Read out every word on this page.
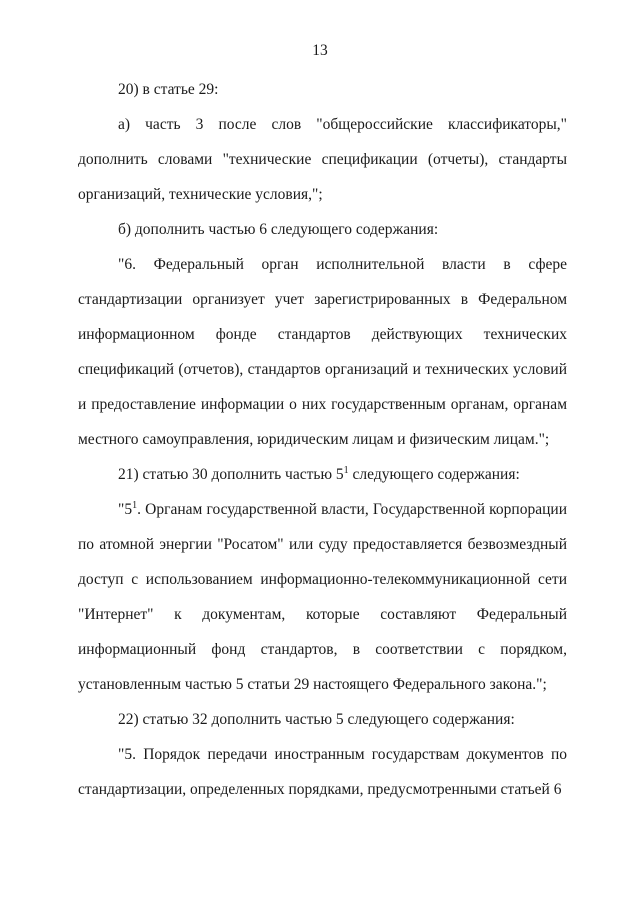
13

20) в статье 29:

а) часть 3 после слов "общероссийские классификаторы," дополнить словами "технические спецификации (отчеты), стандарты организаций, технические условия,";

б) дополнить частью 6 следующего содержания:

"6. Федеральный орган исполнительной власти в сфере стандартизации организует учет зарегистрированных в Федеральном информационном фонде стандартов действующих технических спецификаций (отчетов), стандартов организаций и технических условий и предоставление информации о них государственным органам, органам местного самоуправления, юридическим лицам и физическим лицам.";

21) статью 30 дополнить частью $5^1$ следующего содержания:

"$5^1$. Органам государственной власти, Государственной корпорации по атомной энергии "Росатом" или суду предоставляется безвозмездный доступ с использованием информационно-телекоммуникационной сети "Интернет" к документам, которые составляют Федеральный информационный фонд стандартов, в соответствии с порядком, установленным частью 5 статьи 29 настоящего Федерального закона.";

22) статью 32 дополнить частью 5 следующего содержания:

"5. Порядок передачи иностранным государствам документов по стандартизации, определенных порядками, предусмотренными статьей 6
